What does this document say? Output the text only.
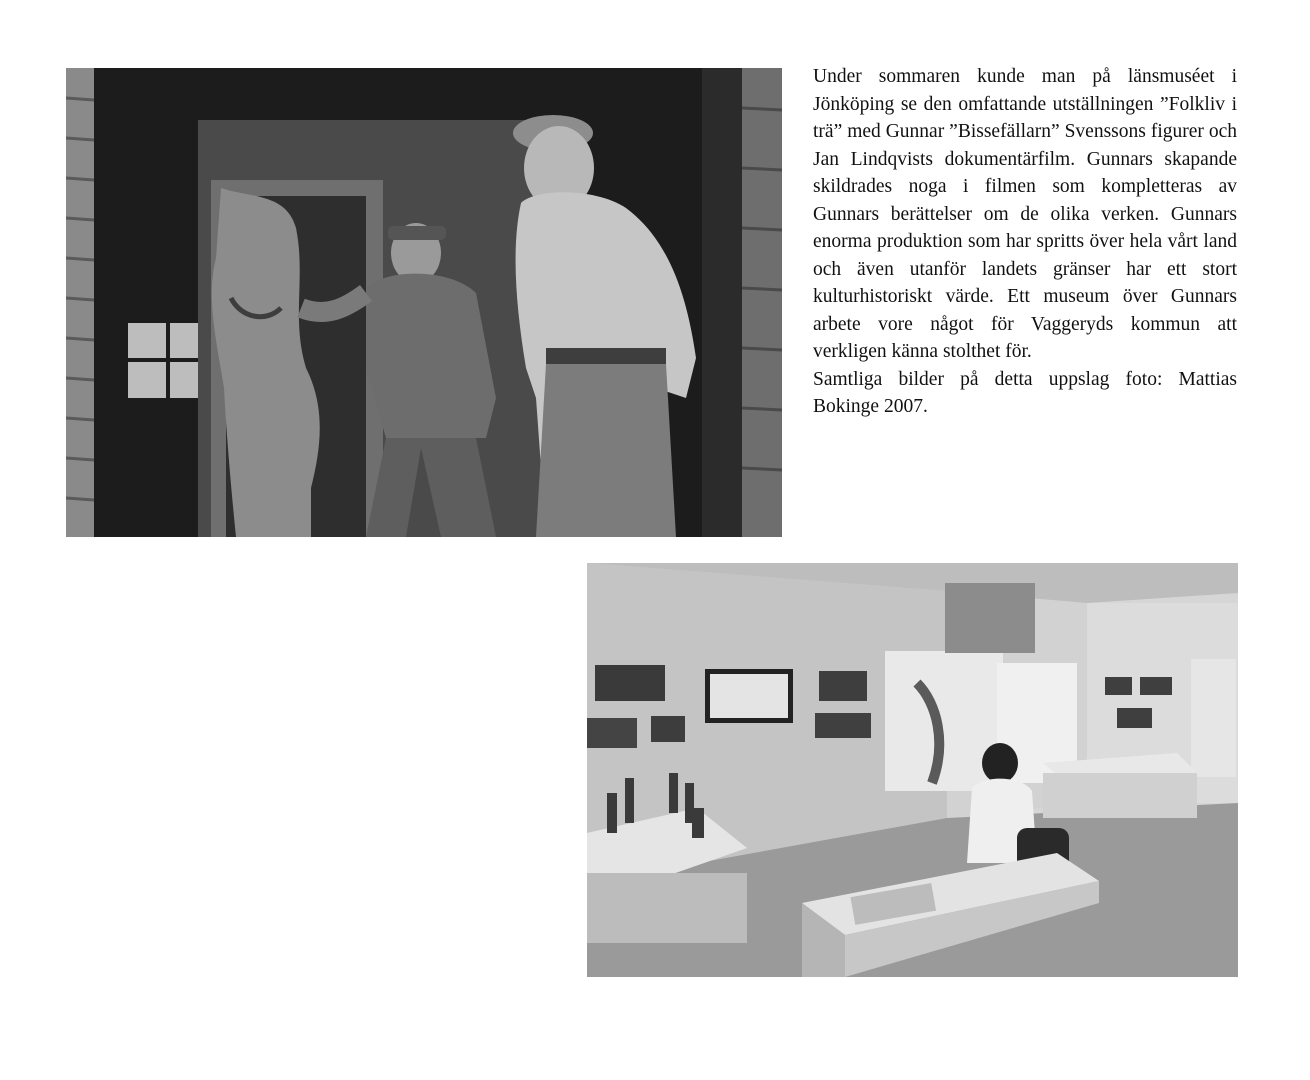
Under sommaren kunde man på länsmuséet i Jönköping se den omfattande utställningen ”Folkliv i trä” med Gunnar ”Bissefällarn” Svenssons figurer och Jan Lindqvists dokumentärfilm. Gunnars skapande skildrades noga i filmen som kompletteras av Gunnars berättelser om de olika verken. Gunnars enorma produktion som har spritts över hela vårt land och även utanför landets gränser har ett stort kulturhistoriskt värde. Ett museum över Gunnars arbete vore något för Vaggeryds kommun att verkligen känna stolthet för.
Samtliga bilder på detta uppslag foto: Mattias Bokinge 2007.
